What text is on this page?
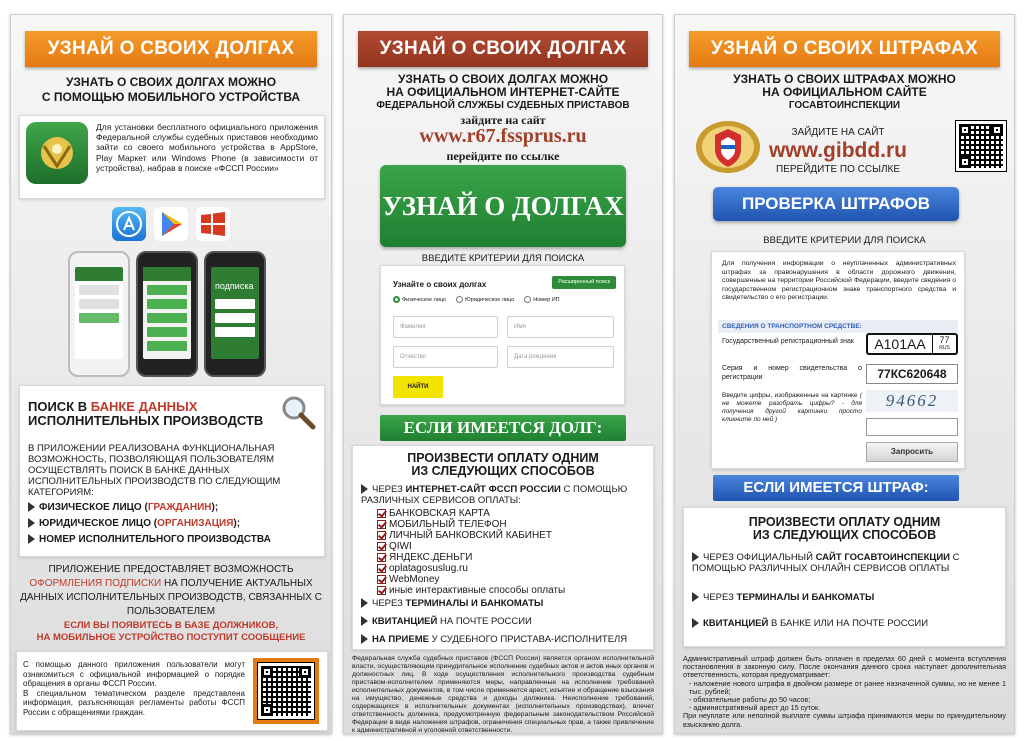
УЗНАЙ О СВОИХ ДОЛГАХ
УЗНАТЬ О СВОИХ ДОЛГАХ МОЖНО
С ПОМОЩЬЮ МОБИЛЬНОГО УСТРОЙСТВА
Для установки бесплатного официального приложения Федеральной службы судебных приставов необходимо зайти со своего мобильного устройства в AppStore, Play Маркет или Windows Phone (в зависимости от устройства), набрав в поиске «ФССП России»
подписка
ПОИСК В БАНКЕ ДАННЫХ
ИСПОЛНИТЕЛЬНЫХ ПРОИЗВОДСТВ
В ПРИЛОЖЕНИИ РЕАЛИЗОВАНА ФУНКЦИОНАЛЬНАЯ ВОЗМОЖНОСТЬ, ПОЗВОЛЯЮЩАЯ ПОЛЬЗОВАТЕЛЯМ ОСУЩЕСТВЛЯТЬ ПОИСК В БАНКЕ ДАННЫХ ИСПОЛНИТЕЛЬНЫХ ПРОИЗВОДСТВ ПО СЛЕДУЮЩИМ КАТЕГОРИЯМ:
ФИЗИЧЕСКОЕ ЛИЦО (ГРАЖДАНИН);
ЮРИДИЧЕСКОЕ ЛИЦО (ОРГАНИЗАЦИЯ);
НОМЕР ИСПОЛНИТЕЛЬНОГО ПРОИЗВОДСТВА
ПРИЛОЖЕНИЕ ПРЕДОСТАВЛЯЕТ ВОЗМОЖНОСТЬ ОФОРМЛЕНИЯ ПОДПИСКИ НА ПОЛУЧЕНИЕ АКТУАЛЬНЫХ ДАННЫХ ИСПОЛНИТЕЛЬНЫХ ПРОИЗВОДСТВ, СВЯЗАННЫХ С ПОЛЬЗОВАТЕЛЕМ
ЕСЛИ ВЫ ПОЯВИТЕСЬ В БАЗЕ ДОЛЖНИКОВ,
НА МОБИЛЬНОЕ УСТРОЙСТВО ПОСТУПИТ СООБЩЕНИЕ
С помощью данного приложения пользователи могут ознакомиться с официальной информацией о порядке обращения в органы ФССП России.
В специальном тематическом разделе представлена информация, разъясняющая регламенты работы ФССП России с обращениями граждан.
УЗНАЙ О СВОИХ ДОЛГАХ
УЗНАТЬ О СВОИХ ДОЛГАХ МОЖНО
НА ОФИЦИАЛЬНОМ ИНТЕРНЕТ-САЙТЕ
ФЕДЕРАЛЬНОЙ СЛУЖБЫ СУДЕБНЫХ ПРИСТАВОВ
зайдите на сайт
www.r67.fssprus.ru
перейдите по ссылке
УЗНАЙ О ДОЛГАХ
ВВЕДИТЕ КРИТЕРИИ ДЛЯ ПОИСКА
Узнайте о своих долгах	Расширенный поиск
Физическое лицо	Юридическое лицо	Номер ИП
Фамилия	Имя
Отчество	Дата рождения
НАЙТИ
ЕСЛИ ИМЕЕТСЯ ДОЛГ:
ПРОИЗВЕСТИ ОПЛАТУ ОДНИМ
ИЗ СЛЕДУЮЩИХ СПОСОБОВ
ЧЕРЕЗ ИНТЕРНЕТ-САЙТ ФССП РОССИИ С ПОМОЩЬЮ РАЗЛИЧНЫХ СЕРВИСОВ ОПЛАТЫ:
БАНКОВСКАЯ КАРТА
МОБИЛЬНЫЙ ТЕЛЕФОН
ЛИЧНЫЙ БАНКОВСКИЙ КАБИНЕТ
QIWI
ЯНДЕКС.ДЕНЬГИ
oplatagosuslug.ru
WebMoney
иные интерактивные способы оплаты
ЧЕРЕЗ ТЕРМИНАЛЫ И БАНКОМАТЫ
КВИТАНЦИЕЙ НА ПОЧТЕ РОССИИ
НА ПРИЕМЕ У СУДЕБНОГО ПРИСТАВА-ИСПОЛНИТЕЛЯ
Федеральная служба судебных приставов (ФССП России) является органом исполнительной власти, осуществляющим принудительное исполнение судебных актов и актов иных органов и должностных лиц. В ходе осуществления исполнительного производства судебным приставом-исполнителем применяются меры, направленные на исполнение требований исполнительных документов, в том числе применяется арест, изъятие и обращение взыскания на имущество, денежные средства и доходы должника. Неисполнение требований, содержащихся в исполнительных документах (исполнительных производствах), влечет ответственность должника, предусмотренную федеральным законодательством Российской Федерации в виде наложения штрафов, ограничения специальных прав, а также привлечение к административной и уголовной ответственности.
УЗНАЙ О СВОИХ ШТРАФАХ
УЗНАТЬ О СВОИХ ШТРАФАХ МОЖНО
НА ОФИЦИАЛЬНОМ САЙТЕ
ГОСАВТОИНСПЕКЦИИ
ЗАЙДИТЕ НА САЙТ
www.gibdd.ru
ПЕРЕЙДИТЕ ПО ССЫЛКЕ
ПРОВЕРКА ШТРАФОВ
ВВЕДИТЕ КРИТЕРИИ ДЛЯ ПОИСКА
Для получения информации о неуплаченных административных штрафах за правонарушения в области дорожного движения, совершенные на территории Российской Федерации, введите сведения о государственном регистрационном знаке транспортного средства и свидетельство о его регистрации.
СВЕДЕНИЯ О ТРАНСПОРТНОМ СРЕДСТВЕ:
Государственный регистрационный знак	А101АА	77
RUS
Серия и номер свидетельства о регистрации	77КС620648
Введите цифры, изображенные на картинке ( не можете разобрать цифры? - для получения другой картинки просто кликните по ней )
94662
Запросить
ЕСЛИ ИМЕЕТСЯ ШТРАФ:
ПРОИЗВЕСТИ ОПЛАТУ ОДНИМ
ИЗ СЛЕДУЮЩИХ СПОСОБОВ
ЧЕРЕЗ ОФИЦИАЛЬНЫЙ САЙТ ГОСАВТОИНСПЕКЦИИ С ПОМОЩЬЮ РАЗЛИЧНЫХ ОНЛАЙН СЕРВИСОВ ОПЛАТЫ
ЧЕРЕЗ ТЕРМИНАЛЫ И БАНКОМАТЫ
КВИТАНЦИЕЙ В БАНКЕ ИЛИ НА ПОЧТЕ РОССИИ
Административный штраф должен быть оплачен в пределах 60 дней с момента вступления постановления в законную силу. После окончания данного срока наступает дополнительная ответственность, которая предусматривает:
- наложение нового штрафа в двойном размере от ранее назначенной суммы, но не менее 1 тыс. рублей;
- обязательные работы до 50 часов;
- административный арест до 15 суток.
При неуплате или неполной выплате суммы штрафа принимаются меры по принудительному взысканию долга.
